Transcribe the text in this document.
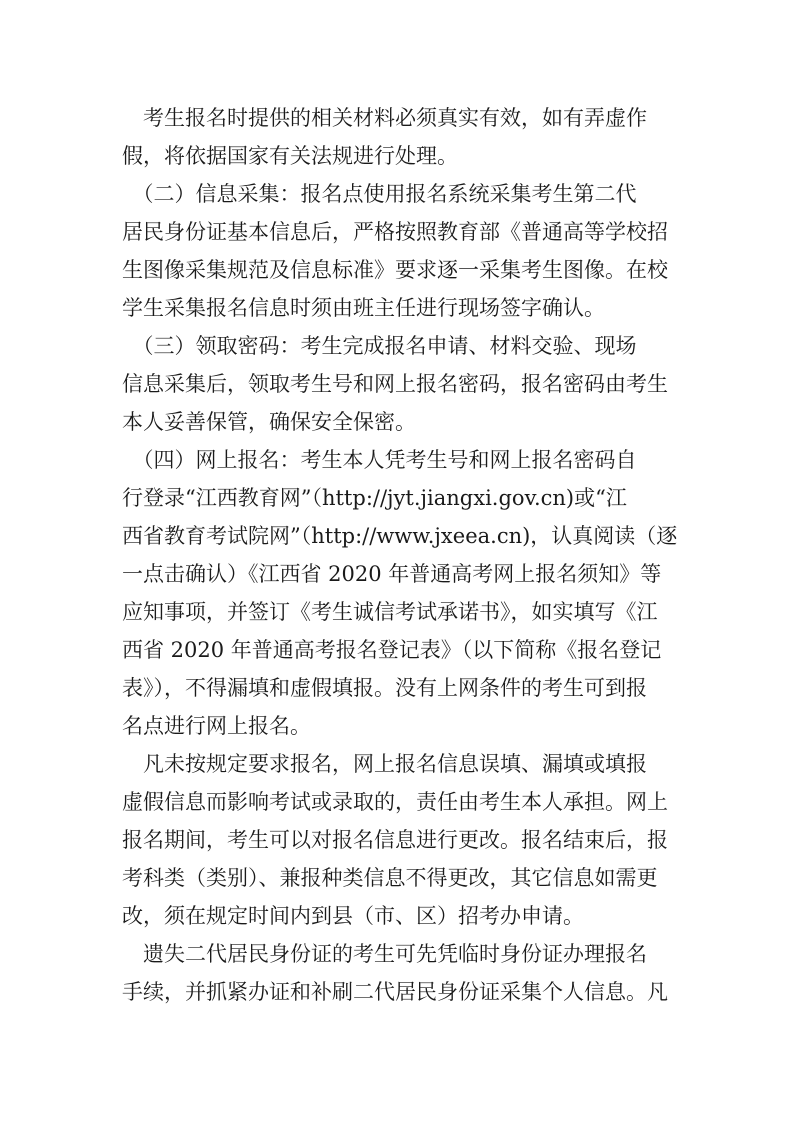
　考生报名时提供的相关材料必须真实有效，如有弄虚作

假，将依据国家有关法规进行处理。

　（二）信息采集：报名点使用报名系统采集考生第二代

居民身份证基本信息后，严格按照教育部《普通高等学校招

生图像采集规范及信息标准》要求逐一采集考生图像。在校

学生采集报名信息时须由班主任进行现场签字确认。

　（三）领取密码：考生完成报名申请、材料交验、现场

信息采集后，领取考生号和网上报名密码，报名密码由考生

本人妥善保管，确保安全保密。

　（四）网上报名：考生本人凭考生号和网上报名密码自

行登录“江西教育网”（http://jyt.jiangxi.gov.cn)或“江

西省教育考试院网”（http://www.jxeea.cn)，认真阅读（逐

一点击确认）《江西省 2020 年普通高考网上报名须知》等

应知事项，并签订《考生诚信考试承诺书》，如实填写《江

西省 2020 年普通高考报名登记表》（以下简称《报名登记

表》），不得漏填和虚假填报。没有上网条件的考生可到报

名点进行网上报名。

　凡未按规定要求报名，网上报名信息误填、漏填或填报

虚假信息而影响考试或录取的，责任由考生本人承担。网上

报名期间，考生可以对报名信息进行更改。报名结束后，报

考科类（类别）、兼报种类信息不得更改，其它信息如需更

改，须在规定时间内到县（市、区）招考办申请。

　遗失二代居民身份证的考生可先凭临时身份证办理报名

手续，并抓紧办证和补刷二代居民身份证采集个人信息。凡
